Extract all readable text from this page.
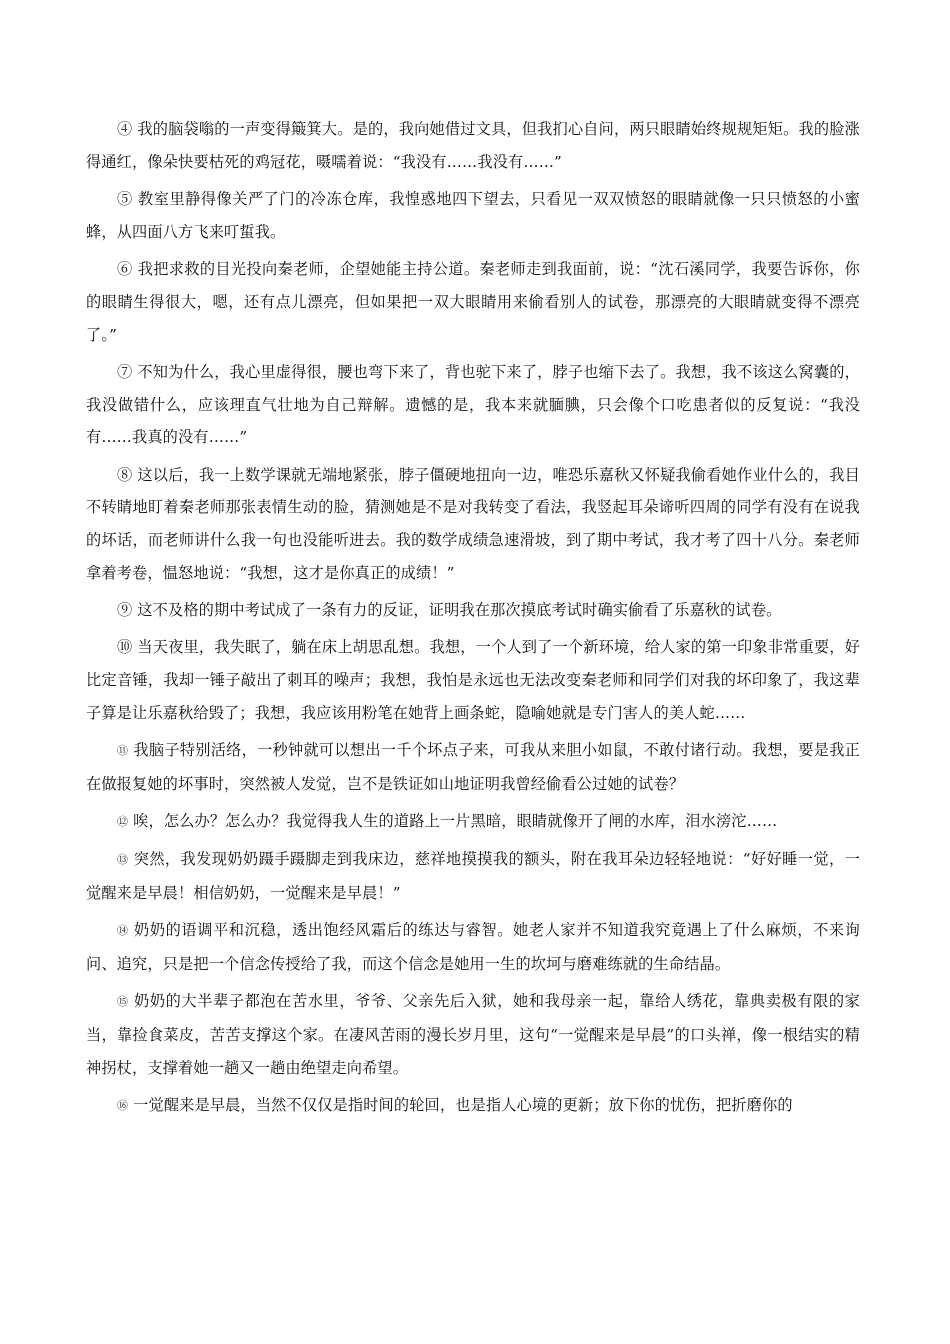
④ 我的脑袋嗡的一声变得簸箕大。是的，我向她借过文具，但我扪心自问，两只眼睛始终规规矩矩。我的脸涨得通红，像朵快要枯死的鸡冠花，嗫嚅着说：“我没有……我没有……”

⑤ 教室里静得像关严了门的冷冻仓库，我惶惑地四下望去，只看见一双双愤怒的眼睛就像一只只愤怒的小蜜蜂，从四面八方飞来叮蜇我。

⑥ 我把求救的目光投向秦老师，企望她能主持公道。秦老师走到我面前，说：“沈石溪同学，我要告诉你，你的眼睛生得很大，嗯，还有点儿漂亮，但如果把一双大眼睛用来偷看别人的试卷，那漂亮的大眼睛就变得不漂亮了。”

⑦ 不知为什么，我心里虚得很，腰也弯下来了，背也驼下来了，脖子也缩下去了。我想，我不该这么窝囊的，我没做错什么，应该理直气壮地为自己辩解。遗憾的是，我本来就腼腆，只会像个口吃患者似的反复说：“我没有……我真的没有……”

⑧ 这以后，我一上数学课就无端地紧张，脖子僵硬地扭向一边，唯恐乐嘉秋又怀疑我偷看她作业什么的，我目不转睛地盯着秦老师那张表情生动的脸，猜测她是不是对我转变了看法，我竖起耳朵谛听四周的同学有没有在说我的坏话，而老师讲什么我一句也没能听进去。我的数学成绩急速滑坡，到了期中考试，我才考了四十八分。秦老师拿着考卷，愠怒地说：“我想，这才是你真正的成绩！”

⑨ 这不及格的期中考试成了一条有力的反证，证明我在那次摸底考试时确实偷看了乐嘉秋的试卷。

⑩ 当天夜里，我失眠了，躺在床上胡思乱想。我想，一个人到了一个新环境，给人家的第一印象非常重要，好比定音锤，我却一锤子敲出了刺耳的噪声；我想，我怕是永远也无法改变秦老师和同学们对我的坏印象了，我这辈子算是让乐嘉秋给毁了；我想，我应该用粉笔在她背上画条蛇，隐喻她就是专门害人的美人蛇……

⑪ 我脑子特别活络，一秒钟就可以想出一千个坏点子来，可我从来胆小如鼠，不敢付诸行动。我想，要是我正在做报复她的坏事时，突然被人发觉，岂不是铁证如山地证明我曾经偷看公过她的试卷？

⑫ 唉，怎么办？怎么办？我觉得我人生的道路上一片黑暗，眼睛就像开了闸的水库，泪水滂沱……

⑬ 突然，我发现奶奶蹑手蹑脚走到我床边，慈祥地摸摸我的额头，附在我耳朵边轻轻地说：“好好睡一觉，一觉醒来是早晨！相信奶奶，一觉醒来是早晨！”

⑭ 奶奶的语调平和沉稳，透出饱经风霜后的练达与睿智。她老人家并不知道我究竟遇上了什么麻烦，不来询问、追究，只是把一个信念传授给了我，而这个信念是她用一生的坎坷与磨难练就的生命结晶。

⑮ 奶奶的大半辈子都泡在苦水里，爷爷、父亲先后入狱，她和我母亲一起，靠给人绣花，靠典卖极有限的家当，靠捡食菜皮，苦苦支撑这个家。在凄风苦雨的漫长岁月里，这句“一觉醒来是早晨”的口头禅，像一根结实的精神拐杖，支撑着她一趟又一趟由绝望走向希望。

⑯ 一觉醒来是早晨，当然不仅仅是指时间的轮回，也是指人心境的更新；放下你的忧伤，把折磨你的
